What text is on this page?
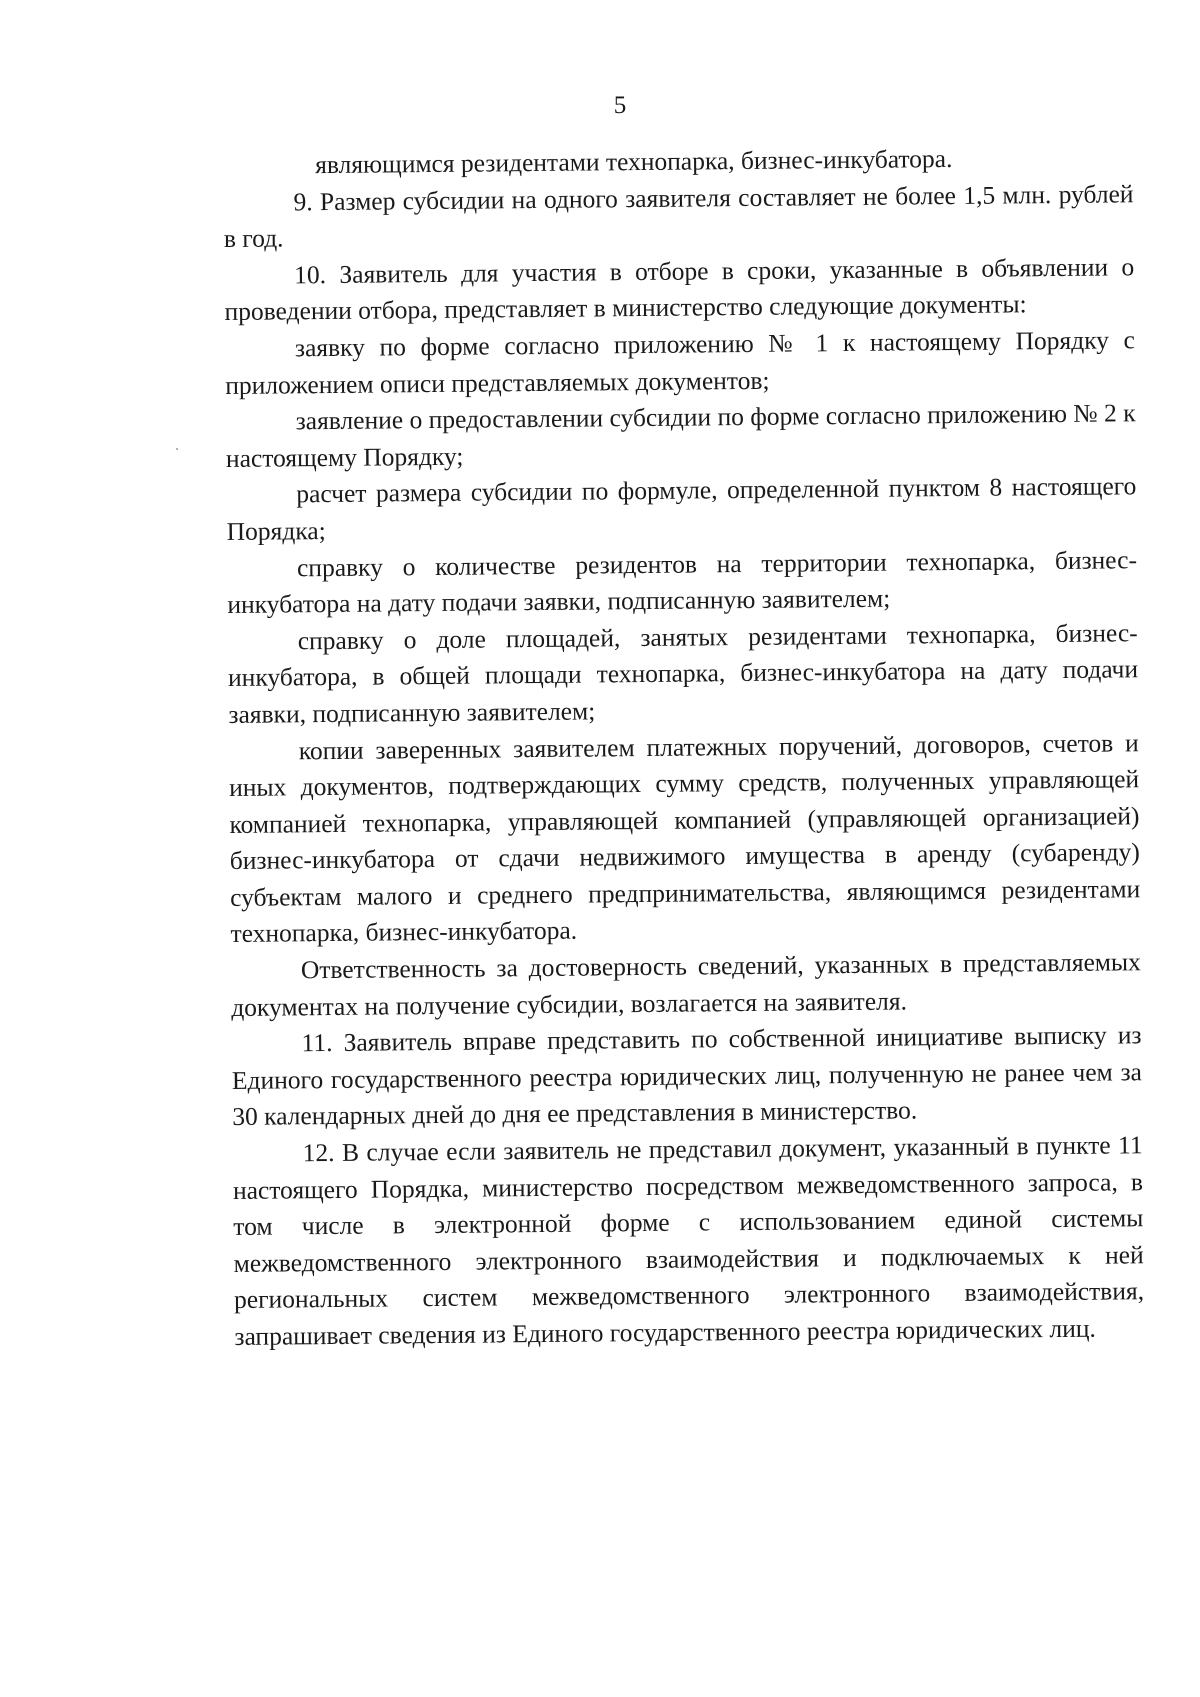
5

являющимся резидентами технопарка, бизнес-инкубатора.

9. Размер субсидии на одного заявителя составляет не более 1,5 млн. рублей в год.

10. Заявитель для участия в отборе в сроки, указанные в объявлении о проведении отбора, представляет в министерство следующие документы:

заявку по форме согласно приложению № 1 к настоящему Порядку с приложением описи представляемых документов;

заявление о предоставлении субсидии по форме согласно приложению № 2 к настоящему Порядку;

расчет размера субсидии по формуле, определенной пунктом 8 настоящего Порядка;

справку о количестве резидентов на территории технопарка, бизнес-инкубатора на дату подачи заявки, подписанную заявителем;

справку о доле площадей, занятых резидентами технопарка, бизнес-инкубатора, в общей площади технопарка, бизнес-инкубатора на дату подачи заявки, подписанную заявителем;

копии заверенных заявителем платежных поручений, договоров, счетов и иных документов, подтверждающих сумму средств, полученных управляющей компанией технопарка, управляющей компанией (управляющей организацией) бизнес-инкубатора от сдачи недвижимого имущества в аренду (субаренду) субъектам малого и среднего предпринимательства, являющимся резидентами технопарка, бизнес-инкубатора.

Ответственность за достоверность сведений, указанных в представляемых документах на получение субсидии, возлагается на заявителя.

11. Заявитель вправе представить по собственной инициативе выписку из Единого государственного реестра юридических лиц, полученную не ранее чем за 30 календарных дней до дня ее представления в министерство.

12. В случае если заявитель не представил документ, указанный в пункте 11 настоящего Порядка, министерство посредством межведомственного запроса, в том числе в электронной форме с использованием единой системы межведомственного электронного взаимодействия и подключаемых к ней региональных систем межведомственного электронного взаимодействия, запрашивает сведения из Единого государственного реестра юридических лиц.
